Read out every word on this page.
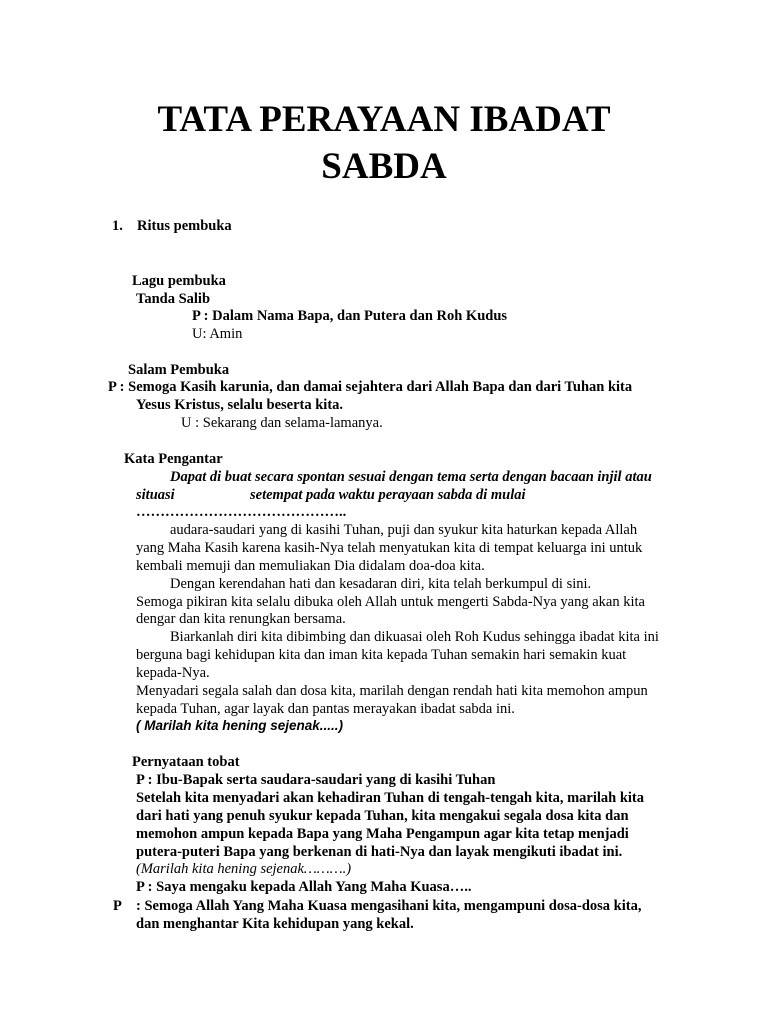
TATA PERAYAAN IBADAT
SABDA
1. Ritus pembuka
Lagu pembuka
Tanda Salib
P : Dalam Nama Bapa, dan Putera dan Roh Kudus
U: Amin
Salam Pembuka
P : Semoga Kasih karunia, dan damai sejahtera dari Allah Bapa dan dari Tuhan kita
Yesus Kristus, selalu beserta kita.
U : Sekarang dan selama-lamanya.
Kata Pengantar
Dapat di buat secara spontan sesuai dengan tema serta dengan bacaan injil atau
situasi	setempat pada waktu perayaan sabda di mulai
……………………………………..
audara-saudari yang di kasihi Tuhan, puji dan syukur kita haturkan kepada Allah
yang Maha Kasih karena kasih-Nya telah menyatukan kita di tempat keluarga ini untuk
kembali memuji dan memuliakan Dia didalam doa-doa kita.
Dengan kerendahan hati dan kesadaran diri, kita telah berkumpul di sini.
Semoga pikiran kita selalu dibuka oleh Allah untuk mengerti Sabda-Nya yang akan kita
dengar dan kita renungkan bersama.
Biarkanlah diri kita dibimbing dan dikuasai oleh Roh Kudus sehingga ibadat kita ini
berguna bagi kehidupan kita dan iman kita kepada Tuhan semakin hari semakin kuat
kepada-Nya.
Menyadari segala salah dan dosa kita, marilah dengan rendah hati kita memohon ampun
kepada Tuhan, agar layak dan pantas merayakan ibadat sabda ini.
( Marilah kita hening sejenak.....)
Pernyataan tobat
P : Ibu-Bapak serta saudara-saudari yang di kasihi Tuhan
Setelah kita menyadari akan kehadiran Tuhan di tengah-tengah kita, marilah kita
dari hati yang penuh syukur kepada Tuhan, kita mengakui segala dosa kita dan
memohon ampun kepada Bapa yang Maha Pengampun agar kita tetap menjadi
putera-puteri Bapa yang berkenan di hati-Nya dan layak mengikuti ibadat ini.
(Marilah kita hening sejenak……….)
P : Saya mengaku kepada Allah Yang Maha Kuasa…..
P : Semoga Allah Yang Maha Kuasa mengasihani kita, mengampuni dosa-dosa kita,
dan menghantar Kita kehidupan yang kekal.
